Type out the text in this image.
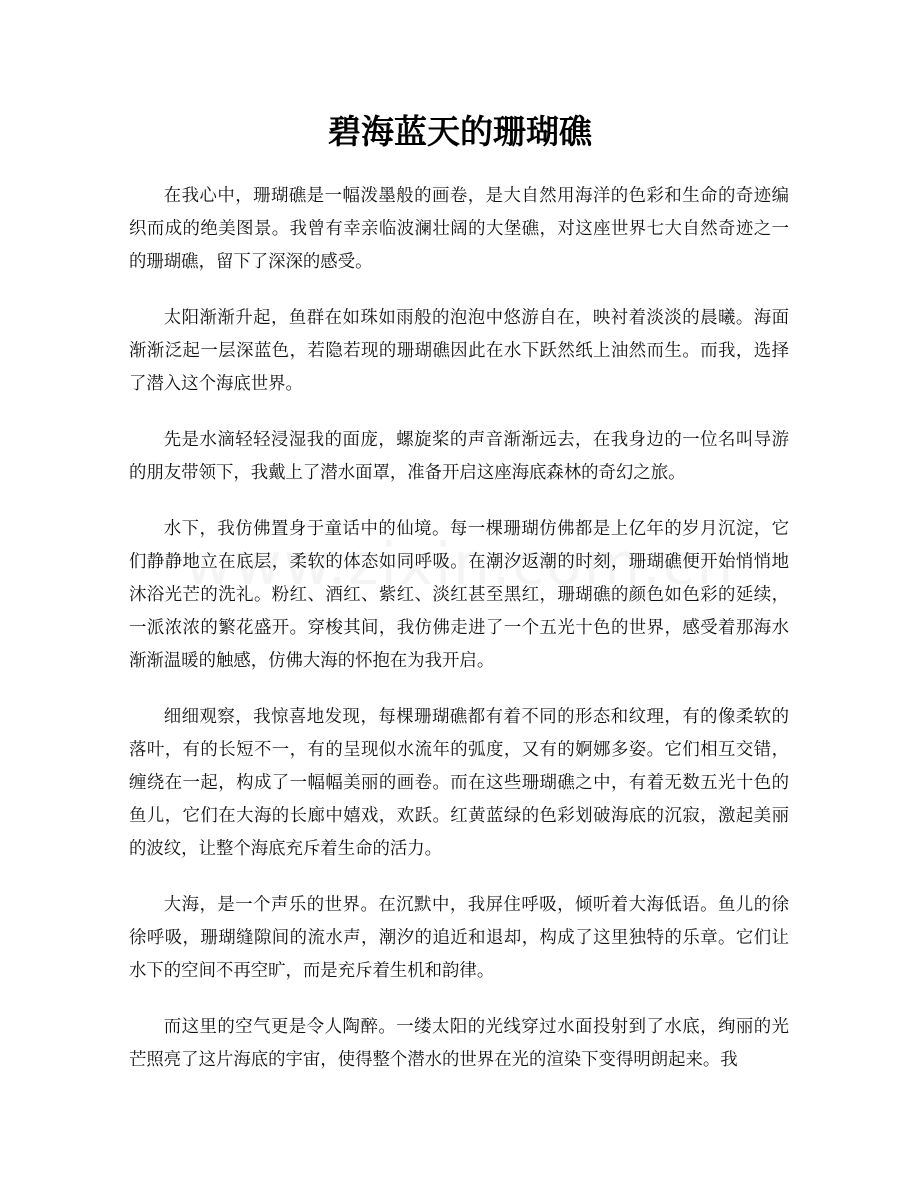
碧海蓝天的珊瑚礁

在我心中，珊瑚礁是一幅泼墨般的画卷，是大自然用海洋的色彩和生命的奇迹编织而成的绝美图景。我曾有幸亲临波澜壮阔的大堡礁，对这座世界七大自然奇迹之一的珊瑚礁，留下了深深的感受。

太阳渐渐升起，鱼群在如珠如雨般的泡泡中悠游自在，映衬着淡淡的晨曦。海面渐渐泛起一层深蓝色，若隐若现的珊瑚礁因此在水下跃然纸上油然而生。而我，选择了潜入这个海底世界。

先是水滴轻轻浸湿我的面庞，螺旋桨的声音渐渐远去，在我身边的一位名叫导游的朋友带领下，我戴上了潜水面罩，准备开启这座海底森林的奇幻之旅。

水下，我仿佛置身于童话中的仙境。每一棵珊瑚仿佛都是上亿年的岁月沉淀，它们静静地立在底层，柔软的体态如同呼吸。在潮汐返潮的时刻，珊瑚礁便开始悄悄地沐浴光芒的洗礼。粉红、酒红、紫红、淡红甚至黑红，珊瑚礁的颜色如色彩的延续，一派浓浓的繁花盛开。穿梭其间，我仿佛走进了一个五光十色的世界，感受着那海水渐渐温暖的触感，仿佛大海的怀抱在为我开启。

细细观察，我惊喜地发现，每棵珊瑚礁都有着不同的形态和纹理，有的像柔软的落叶，有的长短不一，有的呈现似水流年的弧度，又有的婀娜多姿。它们相互交错，缠绕在一起，构成了一幅幅美丽的画卷。而在这些珊瑚礁之中，有着无数五光十色的鱼儿，它们在大海的长廊中嬉戏，欢跃。红黄蓝绿的色彩划破海底的沉寂，激起美丽的波纹，让整个海底充斥着生命的活力。

大海，是一个声乐的世界。在沉默中，我屏住呼吸，倾听着大海低语。鱼儿的徐徐呼吸，珊瑚缝隙间的流水声，潮汐的追近和退却，构成了这里独特的乐章。它们让水下的空间不再空旷，而是充斥着生机和韵律。

而这里的空气更是令人陶醉。一缕太阳的光线穿过水面投射到了水底，绚丽的光芒照亮了这片海底的宇宙，使得整个潜水的世界在光的渲染下变得明朗起来。我
